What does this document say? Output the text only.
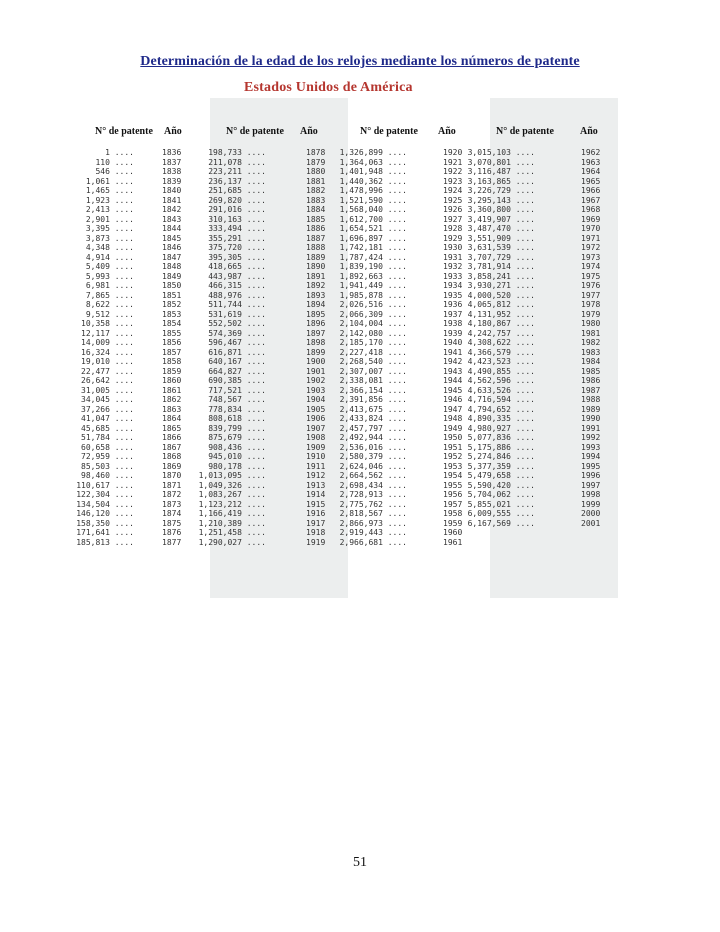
Determinación de la edad de los relojes mediante los números de patente
Estados Unidos de América
N° de patente Año
1 ....	1836
110 ....	1837
546 ....	1838
1,061 ....	1839
1,465 ....	1840
1,923 ....	1841
2,413 ....	1842
2,901 ....	1843
3,395 ....	1844
3,873 ....	1845
4,348 ....	1846
4,914 ....	1847
5,409 ....	1848
5,993 ....	1849
6,981 ....	1850
7,865 ....	1851
8,622 ....	1852
9,512 ....	1853
10,358 ....	1854
12,117 ....	1855
14,009 ....	1856
16,324 ....	1857
19,010 ....	1858
22,477 ....	1859
26,642 ....	1860
31,005 ....	1861
34,045 ....	1862
37,266 ....	1863
41,047 ....	1864
45,685 ....	1865
51,784 ....	1866
60,658 ....	1867
72,959 ....	1868
85,503 ....	1869
98,460 ....	1870
110,617 ....	1871
122,304 ....	1872
134,504 ....	1873
146,120 ....	1874
158,350 ....	1875
171,641 ....	1876
185,813 ....	1877
N° de patente Año
198,733 ....	1878
211,078 ....	1879
223,211 ....	1880
236,137 ....	1881
251,685 ....	1882
269,820 ....	1883
291,016 ....	1884
310,163 ....	1885
333,494 ....	1886
355,291 ....	1887
375,720 ....	1888
395,305 ....	1889
418,665 ....	1890
443,987 ....	1891
466,315 ....	1892
488,976 ....	1893
511,744 ....	1894
531,619 ....	1895
552,502 ....	1896
574,369 ....	1897
596,467 ....	1898
616,871 ....	1899
640,167 ....	1900
664,827 ....	1901
690,385 ....	1902
717,521 ....	1903
748,567 ....	1904
778,834 ....	1905
808,618 ....	1906
839,799 ....	1907
875,679 ....	1908
908,436 ....	1909
945,010 ....	1910
980,178 ....	1911
1,013,095 ....	1912
1,049,326 ....	1913
1,083,267 ....	1914
1,123,212 ....	1915
1,166,419 ....	1916
1,210,389 ....	1917
1,251,458 ....	1918
1,290,027 ....	1919
N° de patente Año
1,326,899 ....	1920
1,364,063 ....	1921
1,401,948 ....	1922
1,440,362 ....	1923
1,478,996 ....	1924
1,521,590 ....	1925
1,568,040 ....	1926
1,612,700 ....	1927
1,654,521 ....	1928
1,696,897 ....	1929
1,742,181 ....	1930
1,787,424 ....	1931
1,839,190 ....	1932
1,892,663 ....	1933
1,941,449 ....	1934
1,985,878 ....	1935
2,026,516 ....	1936
2,066,309 ....	1937
2,104,004 ....	1938
2,142,080 ....	1939
2,185,170 ....	1940
2,227,418 ....	1941
2,268,540 ....	1942
2,307,007 ....	1943
2,338,081 ....	1944
2,366,154 ....	1945
2,391,856 ....	1946
2,413,675 ....	1947
2,433,824 ....	1948
2,457,797 ....	1949
2,492,944 ....	1950
2,536,016 ....	1951
2,580,379 ....	1952
2,624,046 ....	1953
2,664,562 ....	1954
2,698,434 ....	1955
2,728,913 ....	1956
2,775,762 ....	1957
2,818,567 ....	1958
2,866,973 ....	1959
2,919,443 ....	1960
2,966,681 ....	1961
N° de patente	Año
3,015,103 ....	1962
3,070,801 ....	1963
3,116,487 ....	1964
3,163,865 ....	1965
3,226,729 ....	1966
3,295,143 ....	1967
3,360,800 ....	1968
3,419,907 ....	1969
3,487,470 ....	1970
3,551,909 ....	1971
3,631,539 ....	1972
3,707,729 ....	1973
3,781,914 ....	1974
3,858,241 ....	1975
3,930,271 ....	1976
4,000,520 ....	1977
4,065,812 ....	1978
4,131,952 ....	1979
4,180,867 ....	1980
4,242,757 ....	1981
4,308,622 ....	1982
4,366,579 ....	1983
4,423,523 ....	1984
4,490,855 ....	1985
4,562,596 ....	1986
4,633,526 ....	1987
4,716,594 ....	1988
4,794,652 ....	1989
4,890,335 ....	1990
4,980,927 ....	1991
5,077,836 ....	1992
5,175,886 ....	1993
5,274,846 ....	1994
5,377,359 ....	1995
5,479,658 ....	1996
5,590,420 ....	1997
5,704,062 ....	1998
5,855,021 ....	1999
6,009,555 ....	2000
6,167,569 ....	2001
51
